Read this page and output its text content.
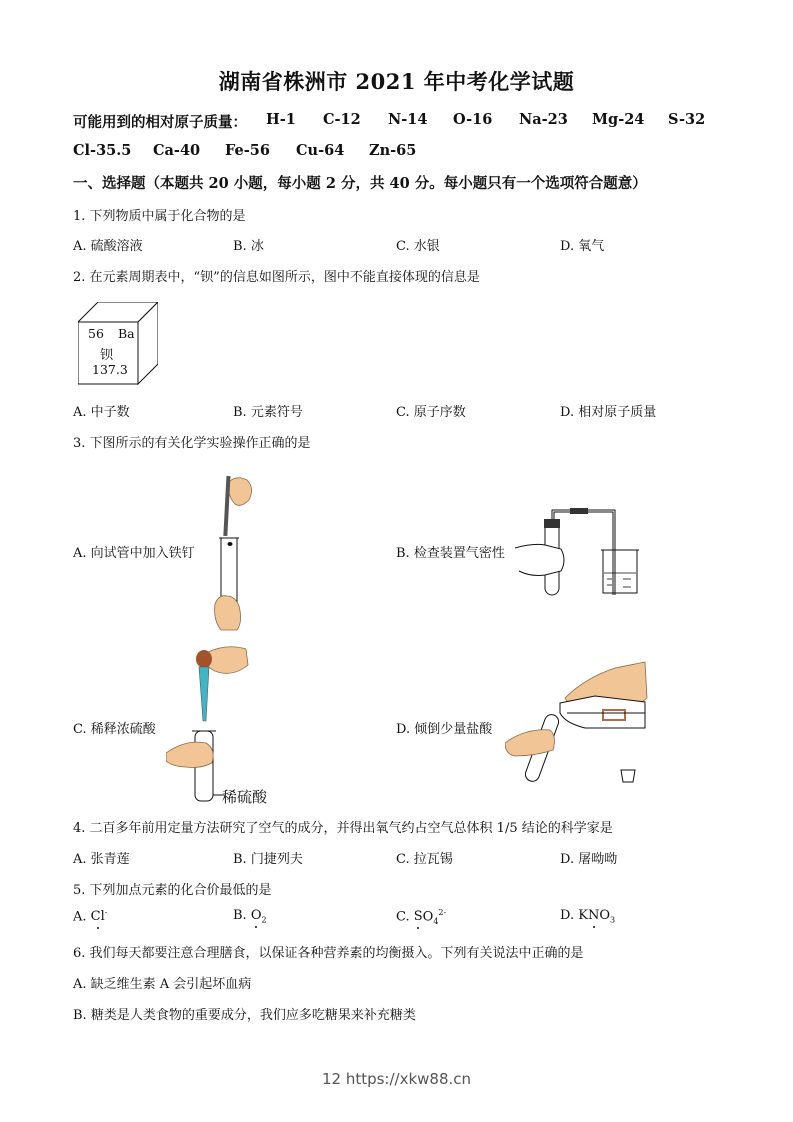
湖南省株洲市 2021 年中考化学试题
可能用到的相对原子质量：	H-1	C-12	N-14	O-16	Na-23	Mg-24	S-32
Cl-35.5	Ca-40	Fe-56	Cu-64	Zn-65
一、选择题（本题共 20 小题，每小题 2 分，共 40 分。每小题只有一个选项符合题意）
1. 下列物质中属于化合物的是
A. 硫酸溶液	B. 冰	C. 水银	D. 氧气
2. 在元素周期表中，“钡”的信息如图所示，图中不能直接体现的信息是
56 Ba
钡
137.3
A. 中子数	B. 元素符号	C. 原子序数	D. 相对原子质量
3. 下图所示的有关化学实验操作正确的是
A. 向试管中加入铁钉	B. 检查装置气密性
C. 稀释浓硫酸
稀硫酸
D. 倾倒少量盐酸
4. 二百多年前用定量方法研究了空气的成分，并得出氧气约占空气总体积 1/5 结论的科学家是
A. 张青莲	B. 门捷列夫	C. 拉瓦锡	D. 屠呦呦
5. 下列加点元素的化合价最低的是
A. Cl-	B. $O_2$	C. $SO_4^{2-}$	D. $KNO_3$
6. 我们每天都要注意合理膳食，以保证各种营养素的均衡摄入。下列有关说法中正确的是
A. 缺乏维生素 A 会引起坏血病
B. 糖类是人类食物的重要成分，我们应多吃糖果来补充糖类
12 https://xkw88.cn
